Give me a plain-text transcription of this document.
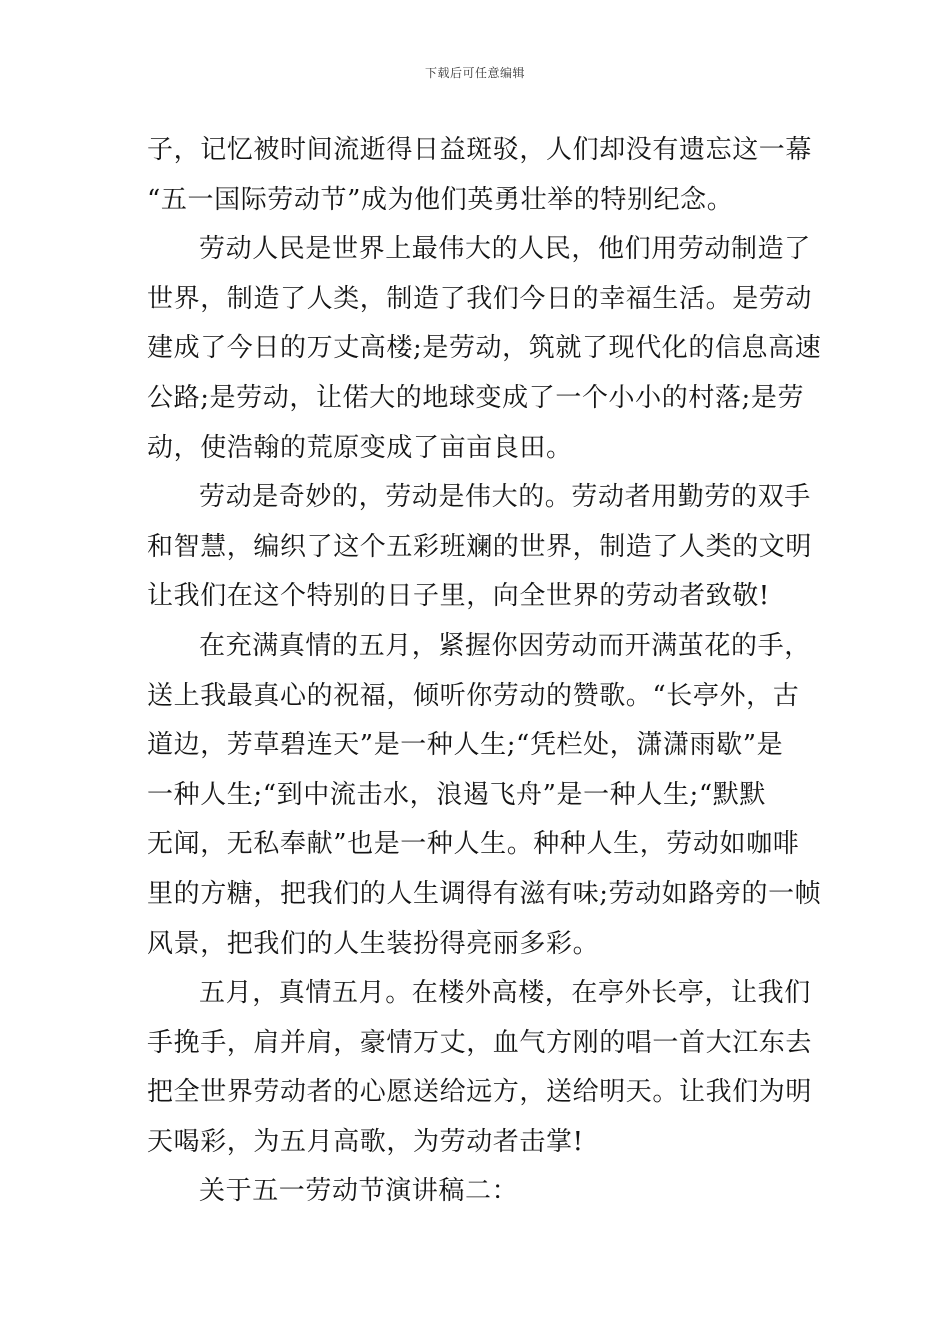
下载后可任意编辑
子，记忆被时间流逝得日益斑驳，人们却没有遗忘这一幕
“五一国际劳动节”成为他们英勇壮举的特别纪念。
劳动人民是世界上最伟大的人民，他们用劳动制造了
世界，制造了人类，制造了我们今日的幸福生活。是劳动
建成了今日的万丈高楼;是劳动，筑就了现代化的信息高速
公路;是劳动，让偌大的地球变成了一个小小的村落;是劳
动，使浩翰的荒原变成了亩亩良田。
劳动是奇妙的，劳动是伟大的。劳动者用勤劳的双手
和智慧，编织了这个五彩班斓的世界，制造了人类的文明
让我们在这个特别的日子里，向全世界的劳动者致敬!
在充满真情的五月，紧握你因劳动而开满茧花的手，
送上我最真心的祝福，倾听你劳动的赞歌。“长亭外，古
道边，芳草碧连天”是一种人生;“凭栏处，潇潇雨歇”是
一种人生;“到中流击水，浪遏飞舟”是一种人生;“默默
无闻，无私奉献”也是一种人生。种种人生，劳动如咖啡
里的方糖，把我们的人生调得有滋有味;劳动如路旁的一帧
风景，把我们的人生装扮得亮丽多彩。
五月，真情五月。在楼外高楼，在亭外长亭，让我们
手挽手，肩并肩，豪情万丈，血气方刚的唱一首大江东去
把全世界劳动者的心愿送给远方，送给明天。让我们为明
天喝彩，为五月高歌，为劳动者击掌!
关于五一劳动节演讲稿二：
